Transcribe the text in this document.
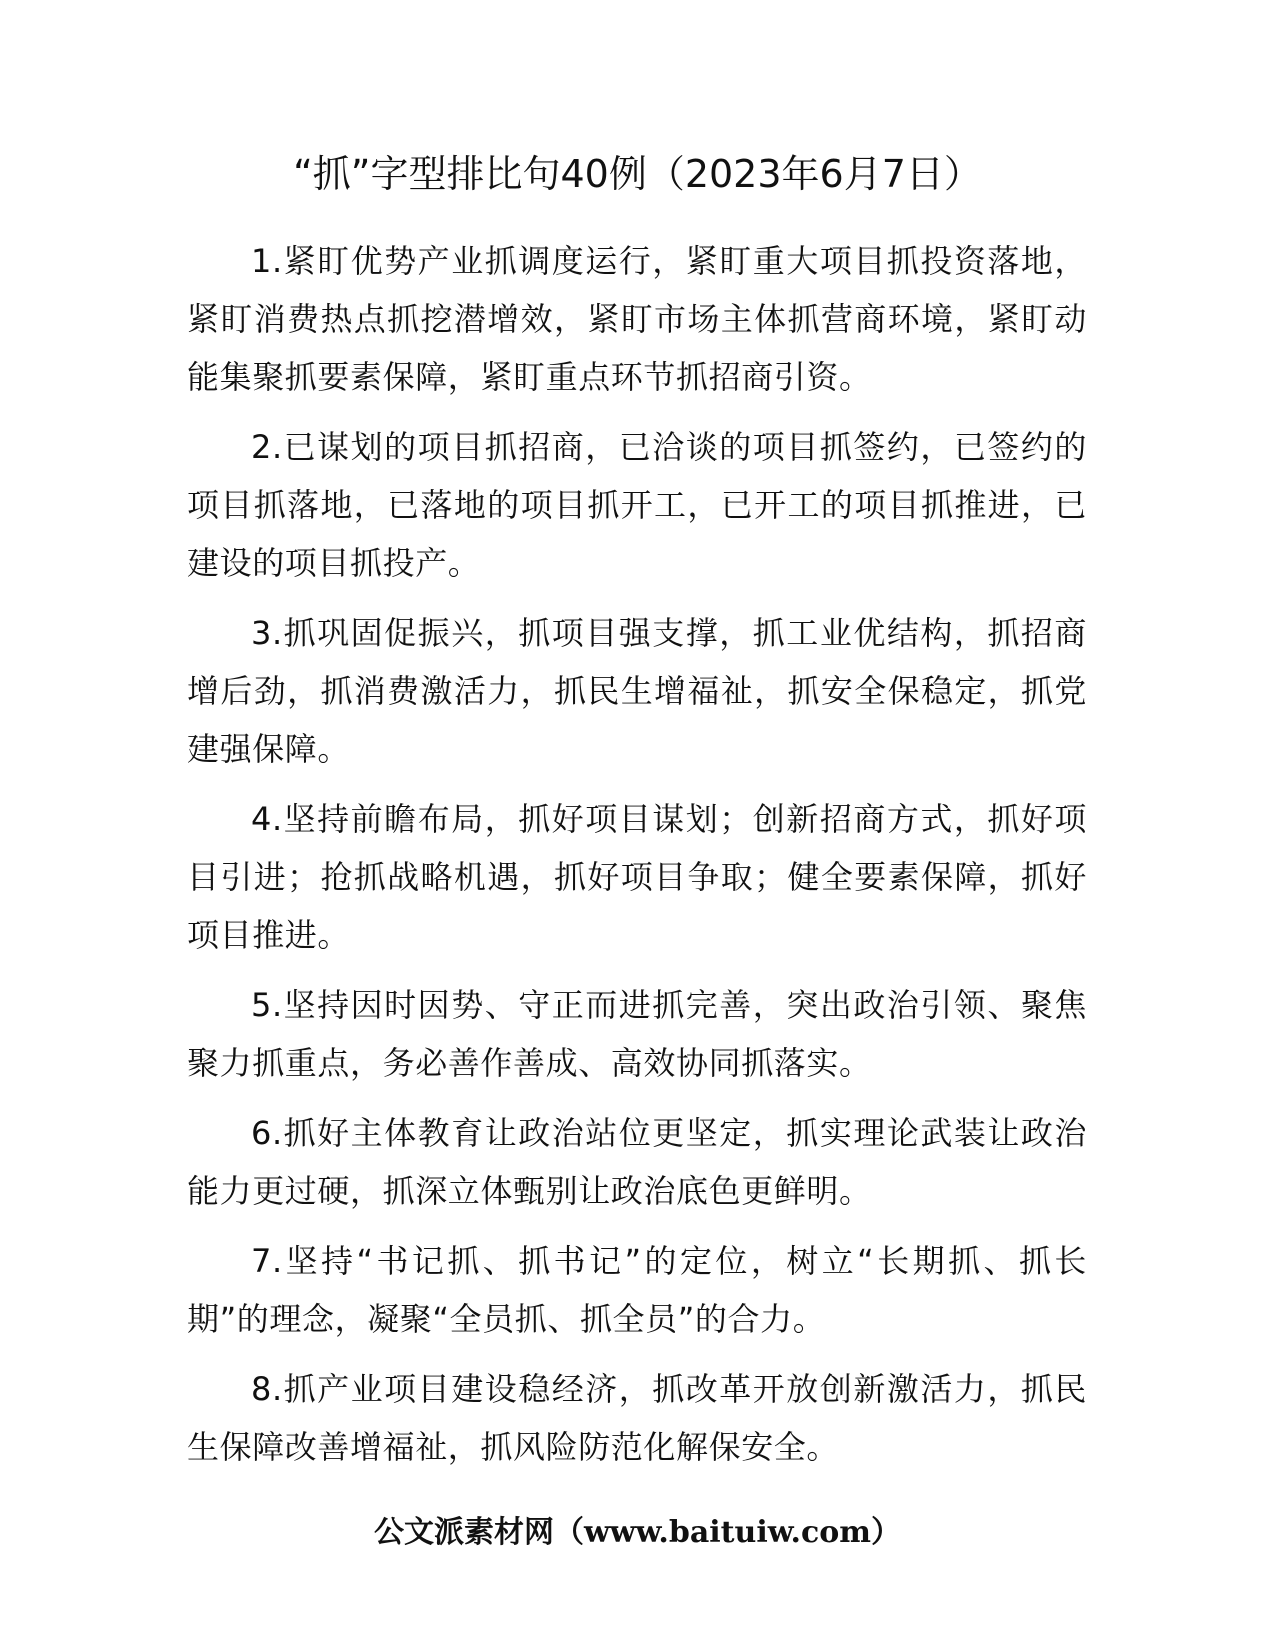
“抓”字型排比句40例（2023年6月7日）

1.紧盯优势产业抓调度运行，紧盯重大项目抓投资落地，紧盯消费热点抓挖潜增效，紧盯市场主体抓营商环境，紧盯动能集聚抓要素保障，紧盯重点环节抓招商引资。

2.已谋划的项目抓招商，已洽谈的项目抓签约，已签约的项目抓落地，已落地的项目抓开工，已开工的项目抓推进，已建设的项目抓投产。

3.抓巩固促振兴，抓项目强支撑，抓工业优结构，抓招商增后劲，抓消费激活力，抓民生增福祉，抓安全保稳定，抓党建强保障。

4.坚持前瞻布局，抓好项目谋划；创新招商方式，抓好项目引进；抢抓战略机遇，抓好项目争取；健全要素保障，抓好项目推进。

5.坚持因时因势、守正而进抓完善，突出政治引领、聚焦聚力抓重点，务必善作善成、高效协同抓落实。

6.抓好主体教育让政治站位更坚定，抓实理论武装让政治能力更过硬，抓深立体甄别让政治底色更鲜明。

7.坚持“书记抓、抓书记”的定位，树立“长期抓、抓长期”的理念，凝聚“全员抓、抓全员”的合力。

8.抓产业项目建设稳经济，抓改革开放创新激活力，抓民生保障改善增福祉，抓风险防范化解保安全。

公文派素材网（www.baituiw.com）
